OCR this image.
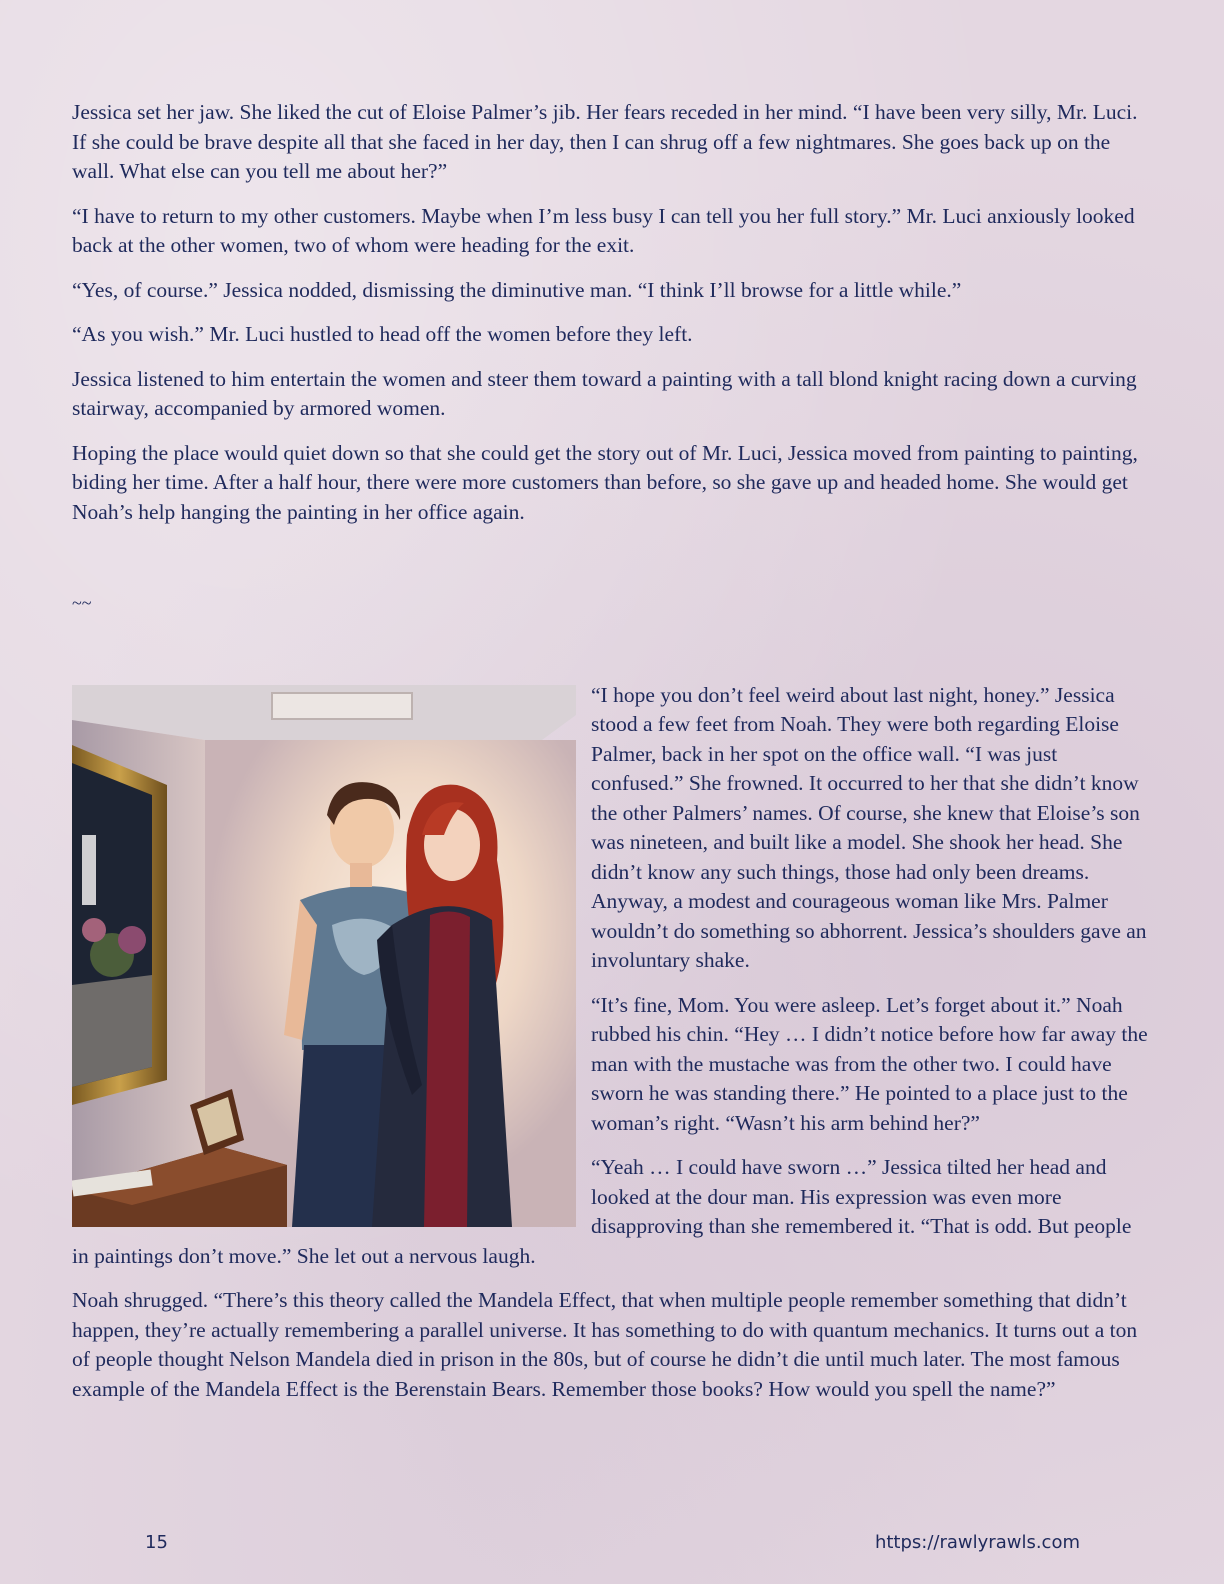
Jessica set her jaw. She liked the cut of Eloise Palmer’s jib. Her fears receded in her mind. “I have been very silly, Mr. Luci. If she could be brave despite all that she faced in her day, then I can shrug off a few nightmares. She goes back up on the wall. What else can you tell me about her?”

“I have to return to my other customers. Maybe when I’m less busy I can tell you her full story.” Mr. Luci anxiously looked back at the other women, two of whom were heading for the exit.

“Yes, of course.” Jessica nodded, dismissing the diminutive man. “I think I’ll browse for a little while.”

“As you wish.” Mr. Luci hustled to head off the women before they left.

Jessica listened to him entertain the women and steer them toward a painting with a tall blond knight racing down a curving stairway, accompanied by armored women.

Hoping the place would quiet down so that she could get the story out of Mr. Luci, Jessica moved from painting to painting, biding her time. After a half hour, there were more customers than before, so she gave up and headed home. She would get Noah’s help hanging the painting in her office again.

~~

“I hope you don’t feel weird about last night, honey.” Jessica stood a few feet from Noah. They were both regarding Eloise Palmer, back in her spot on the office wall. “I was just confused.” She frowned. It occurred to her that she didn’t know the other Palmers’ names. Of course, she knew that Eloise’s son was nineteen, and built like a model. She shook her head. She didn’t know any such things, those had only been dreams. Anyway, a modest and courageous woman like Mrs. Palmer wouldn’t do something so abhorrent. Jessica’s shoulders gave an involuntary shake.

“It’s fine, Mom. You were asleep. Let’s forget about it.” Noah rubbed his chin. “Hey … I didn’t notice before how far away the man with the mustache was from the other two. I could have sworn he was standing there.” He pointed to a place just to the woman’s right. “Wasn’t his arm behind her?”

“Yeah … I could have sworn …” Jessica tilted her head and looked at the dour man. His expression was even more disapproving than she remembered it. “That is odd. But people in paintings don’t move.” She let out a nervous laugh.

Noah shrugged. “There’s this theory called the Mandela Effect, that when multiple people remember something that didn’t happen, they’re actually remembering a parallel universe. It has something to do with quantum mechanics. It turns out a ton of people thought Nelson Mandela died in prison in the 80s, but of course he didn’t die until much later. The most famous example of the Mandela Effect is the Berenstain Bears. Remember those books? How would you spell the name?”

15	https://rawlyrawls.com
